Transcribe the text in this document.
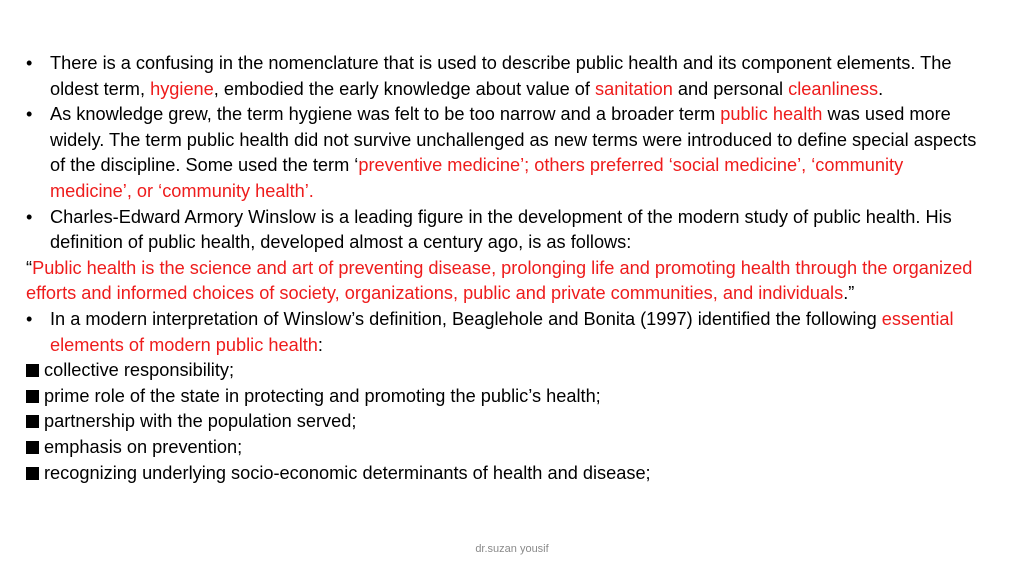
• There is a confusing in the nomenclature that is used to describe public health and its component elements. The oldest term, hygiene, embodied the early knowledge about value of sanitation and personal cleanliness.
• As knowledge grew, the term hygiene was felt to be too narrow and a broader term public health was used more widely. The term public health did not survive unchallenged as new terms were introduced to define special aspects of the discipline. Some used the term ‘preventive medicine’; others preferred ‘social medicine’, ‘community medicine’, or ‘community health’.
• Charles-Edward Armory Winslow is a leading figure in the development of the modern study of public health. His definition of public health, developed almost a century ago, is as follows:
“Public health is the science and art of preventing disease, prolonging life and promoting health through the organized efforts and informed choices of society, organizations, public and private communities, and individuals.”
• In a modern interpretation of Winslow’s definition, Beaglehole and Bonita (1997) identified the following essential elements of modern public health:
collective responsibility;
prime role of the state in protecting and promoting the public’s health;
partnership with the population served;
emphasis on prevention;
recognizing underlying socio-economic determinants of health and disease;
dr.suzan yousif
